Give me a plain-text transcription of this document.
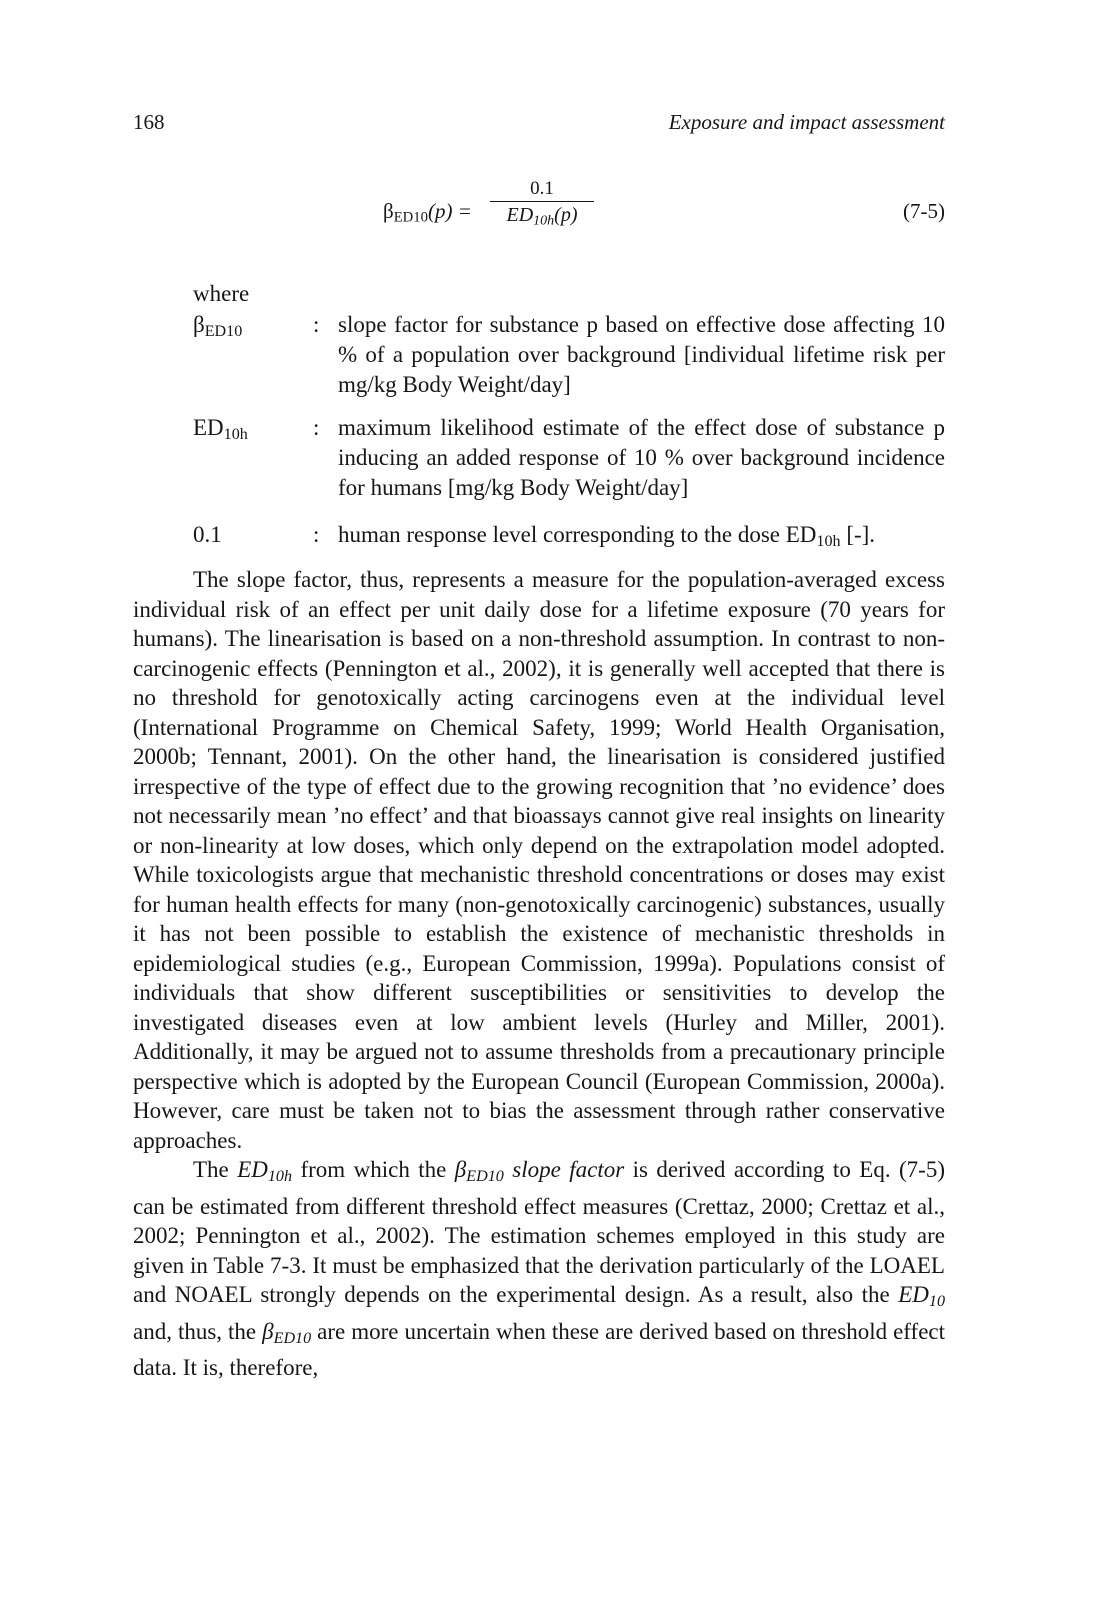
168	Exposure and impact assessment
$\beta_{ED10}(p)$ =
0.1
$ED_{10h}(p)$	(7-5)
where
$\beta_{ED10}$	: slope factor for substance p based on effective dose affecting 10 % of a population over background [individual lifetime risk per mg/kg Body Weight/day]
$ED_{10h}$	: maximum likelihood estimate of the effect dose of substance p inducing an added response of 10 % over background incidence for humans [mg/kg Body Weight/day]
0.1	: human response level corresponding to the dose $ED_{10h}$ [-].

The slope factor, thus, represents a measure for the population-averaged excess individual risk of an effect per unit daily dose for a lifetime exposure (70 years for humans). The linearisation is based on a non-threshold assumption. In contrast to non-carcinogenic effects (Pennington et al., 2002), it is generally well accepted that there is no threshold for genotoxically acting carcinogens even at the individual level (International Programme on Chemical Safety, 1999; World Health Organisation, 2000b; Tennant, 2001). On the other hand, the linearisation is considered justified irrespective of the type of effect due to the growing recognition that ’no evidence’ does not necessarily mean ’no effect’ and that bioassays cannot give real insights on linearity or non-linearity at low doses, which only depend on the extrapolation model adopted. While toxicologists argue that mechanistic threshold concentrations or doses may exist for human health effects for many (non-genotoxically carcinogenic) substances, usually it has not been possible to establish the existence of mechanistic thresholds in epidemiological studies (e.g., European Commission, 1999a). Populations consist of individuals that show different susceptibilities or sensitivities to develop the investigated diseases even at low ambient levels (Hurley and Miller, 2001). Additionally, it may be argued not to assume thresholds from a precautionary principle perspective which is adopted by the European Council (European Commission, 2000a). However, care must be taken not to bias the assessment through rather conservative approaches.

The $ED_{10h}$ from which the $\beta_{ED10}$ slope factor is derived according to Eq. (7-5) can be estimated from different threshold effect measures (Crettaz, 2000; Crettaz et al., 2002; Pennington et al., 2002). The estimation schemes employed in this study are given in Table 7-3. It must be emphasized that the derivation particularly of the LOAEL and NOAEL strongly depends on the experimental design. As a result, also the $ED_{10}$ and, thus, the $\beta_{ED10}$ are more uncertain when these are derived based on threshold effect data. It is, therefore,
